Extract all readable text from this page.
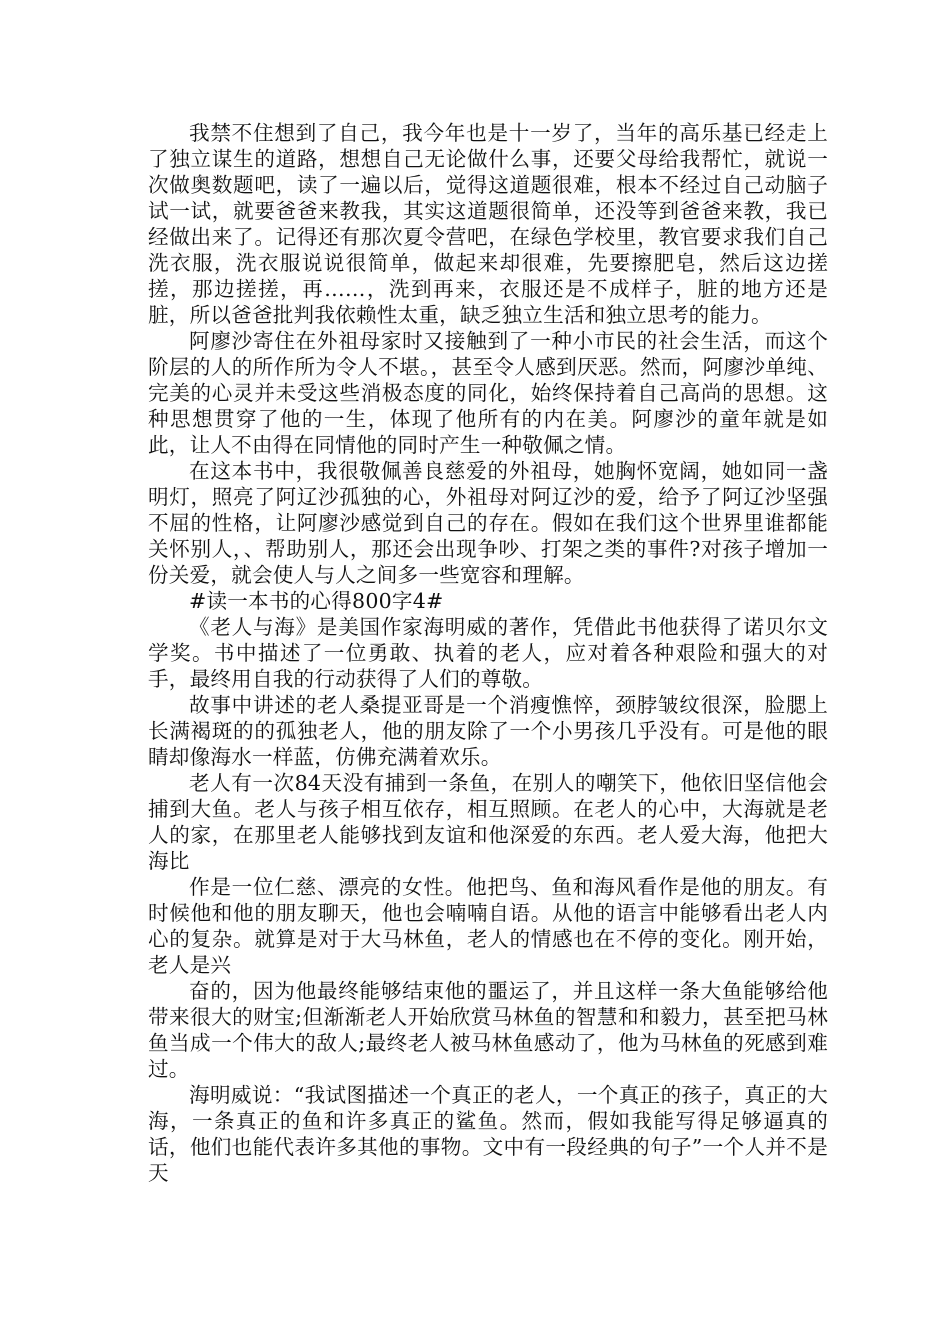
我禁不住想到了自己，我今年也是十一岁了，当年的高乐基已经走上了独立谋生的道路，想想自己无论做什么事，还要父母给我帮忙，就说一次做奥数题吧，读了一遍以后，觉得这道题很难，根本不经过自己动脑子试一试，就要爸爸来教我，其实这道题很简单，还没等到爸爸来教，我已经做出来了。记得还有那次夏令营吧，在绿色学校里，教官要求我们自己洗衣服，洗衣服说说很简单，做起来却很难，先要擦肥皂，然后这边搓搓，那边搓搓，再……，洗到再来，衣服还是不成样子，脏的地方还是脏，所以爸爸批判我依赖性太重，缺乏独立生活和独立思考的能力。

阿廖沙寄住在外祖母家时又接触到了一种小市民的社会生活，而这个阶层的人的所作所为令人不堪。，甚至令人感到厌恶。然而，阿廖沙单纯、完美的心灵并未受这些消极态度的同化，始终保持着自己高尚的思想。这种思想贯穿了他的一生，体现了他所有的内在美。阿廖沙的童年就是如此，让人不由得在同情他的同时产生一种敬佩之情。

在这本书中，我很敬佩善良慈爱的外祖母，她胸怀宽阔，她如同一盏明灯，照亮了阿辽沙孤独的心，外祖母对阿辽沙的爱，给予了阿辽沙坚强不屈的性格，让阿廖沙感觉到自己的存在。假如在我们这个世界里谁都能关怀别人，、帮助别人，那还会出现争吵、打架之类的事件?对孩子增加一份关爱，就会使人与人之间多一些宽容和理解。

#读一本书的心得800字4#

《老人与海》是美国作家海明威的著作，凭借此书他获得了诺贝尔文学奖。书中描述了一位勇敢、执着的老人，应对着各种艰险和强大的对手，最终用自我的行动获得了人们的尊敬。

故事中讲述的老人桑提亚哥是一个消瘦憔悴，颈脖皱纹很深，脸腮上长满褐斑的的孤独老人，他的朋友除了一个小男孩几乎没有。可是他的眼睛却像海水一样蓝，仿佛充满着欢乐。

老人有一次84天没有捕到一条鱼，在别人的嘲笑下，他依旧坚信他会捕到大鱼。老人与孩子相互依存，相互照顾。在老人的心中，大海就是老人的家，在那里老人能够找到友谊和他深爱的东西。老人爱大海，他把大海比

作是一位仁慈、漂亮的女性。他把鸟、鱼和海风看作是他的朋友。有时候他和他的朋友聊天，他也会喃喃自语。从他的语言中能够看出老人内心的复杂。就算是对于大马林鱼，老人的情感也在不停的变化。刚开始，老人是兴

奋的，因为他最终能够结束他的噩运了，并且这样一条大鱼能够给他带来很大的财宝;但渐渐老人开始欣赏马林鱼的智慧和和毅力，甚至把马林鱼当成一个伟大的敌人;最终老人被马林鱼感动了，他为马林鱼的死感到难过。

海明威说：“我试图描述一个真正的老人，一个真正的孩子，真正的大海，一条真正的鱼和许多真正的鲨鱼。然而，假如我能写得足够逼真的话，他们也能代表许多其他的事物。文中有一段经典的句子”一个人并不是天
